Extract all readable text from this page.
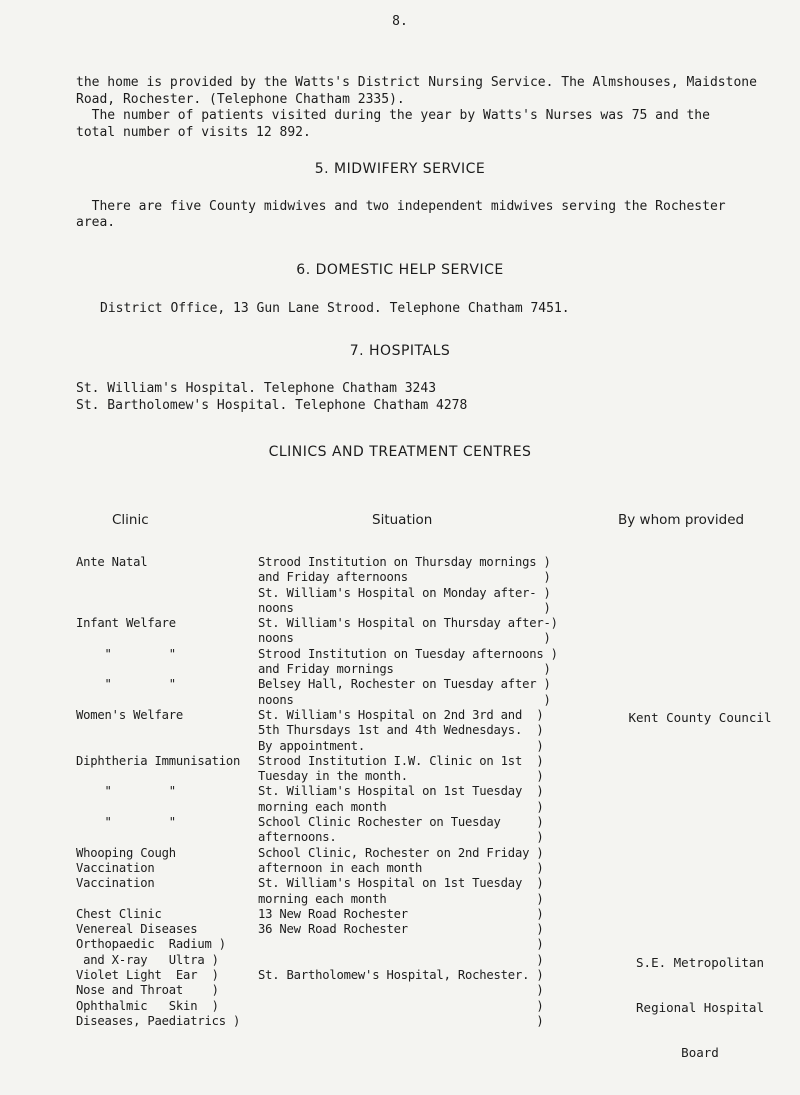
8.
the home is provided by the Watts's District Nursing Service. The Almshouses, Maidstone
Road, Rochester. (Telephone Chatham 2335).
The number of patients visited during the year by Watts's Nurses was 75 and the
total number of visits 12 892.
5. MIDWIFERY SERVICE
There are five County midwives and two independent midwives serving the Rochester
area.
6. DOMESTIC HELP SERVICE
District Office, 13 Gun Lane Strood. Telephone Chatham 7451.
7. HOSPITALS
St. William's Hospital. Telephone Chatham 3243
St. Bartholomew's Hospital. Telephone Chatham 4278
CLINICS AND TREATMENT CENTRES
Clinic	Situation	By whom provided
Ante Natal
Infant Welfare
"        "
"        "
Women's Welfare
Diphtheria Immunisation
"        "
"        "
Whooping Cough
Vaccination
Vaccination
Chest Clinic
Venereal Diseases
Orthopaedic  Radium )
and X-ray   Ultra )
Violet Light  Ear  )
Nose and Throat    )
Ophthalmic   Skin  )
Diseases, Paediatrics )
Strood Institution on Thursday mornings )
and Friday afternoons                   )
St. William's Hospital on Monday after- )
noons                                   )
St. William's Hospital on Thursday after-)
noons                                   )
Strood Institution on Tuesday afternoons )
and Friday mornings                     )
Belsey Hall, Rochester on Tuesday after )
noons                                   )
St. William's Hospital on 2nd 3rd and  )
5th Thursdays 1st and 4th Wednesdays.  )
By appointment.                        )
Strood Institution I.W. Clinic on 1st  )
Tuesday in the month.                  )
St. William's Hospital on 1st Tuesday  )
morning each month                     )
School Clinic Rochester on Tuesday     )
afternoons.                            )
School Clinic, Rochester on 2nd Friday )
afternoon in each month                )
St. William's Hospital on 1st Tuesday  )
morning each month                     )
13 New Road Rochester                  )
36 New Road Rochester                  )
)
)
St. Bartholomew's Hospital, Rochester. )
)
)
)
Kent County Council

S.E. Metropolitan

Regional Hospital

Board
